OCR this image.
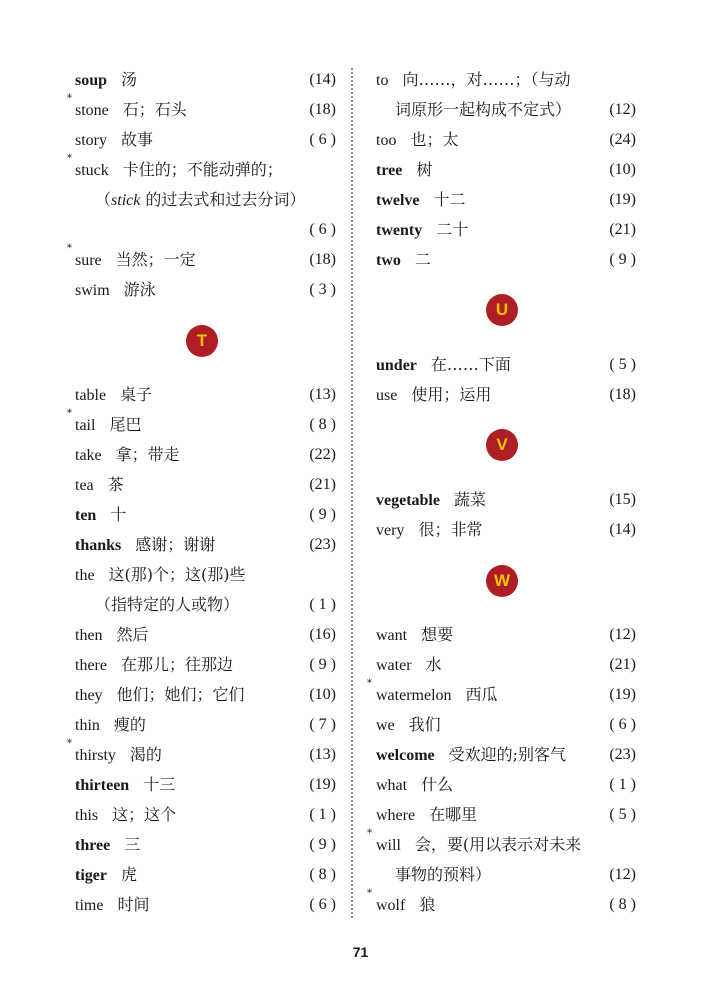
soup 汤	(14)
*
stone 石；石头	(18)
story 故事	( 6 )
*
stuck 卡住的；不能动弹的；
（stick 的过去式和过去分词）
( 6 )
*
sure 当然；一定	(18)
swim 游泳	( 3 )
T
table 桌子	(13)
*
tail 尾巴	( 8 )
take 拿；带走	(22)
tea 茶	(21)
ten 十	( 9 )
thanks 感谢；谢谢	(23)
the 这(那)个；这(那)些
（指特定的人或物）	( 1 )
then 然后	(16)
there 在那儿；往那边	( 9 )
they 他们；她们；它们	(10)
thin 瘦的	( 7 )
*
thirsty 渴的	(13)
thirteen 十三	(19)
this 这；这个	( 1 )
three 三	( 9 )
tiger 虎	( 8 )
time 时间	( 6 )
to 向……，对……；（与动
词原形一起构成不定式）	(12)
too 也；太	(24)
tree 树	(10)
twelve 十二	(19)
twenty 二十	(21)
two 二	( 9 )
U
under 在……下面	( 5 )
use 使用；运用	(18)
V
vegetable 蔬菜	(15)
very 很；非常	(14)
W
want 想要	(12)
water 水	(21)
*
watermelon 西瓜	(19)
we 我们	( 6 )
welcome 受欢迎的;别客气	(23)
what 什么	( 1 )
where 在哪里	( 5 )
*
will 会，要(用以表示对未来
事物的预料）	(12)
*
wolf 狼	( 8 )
71
